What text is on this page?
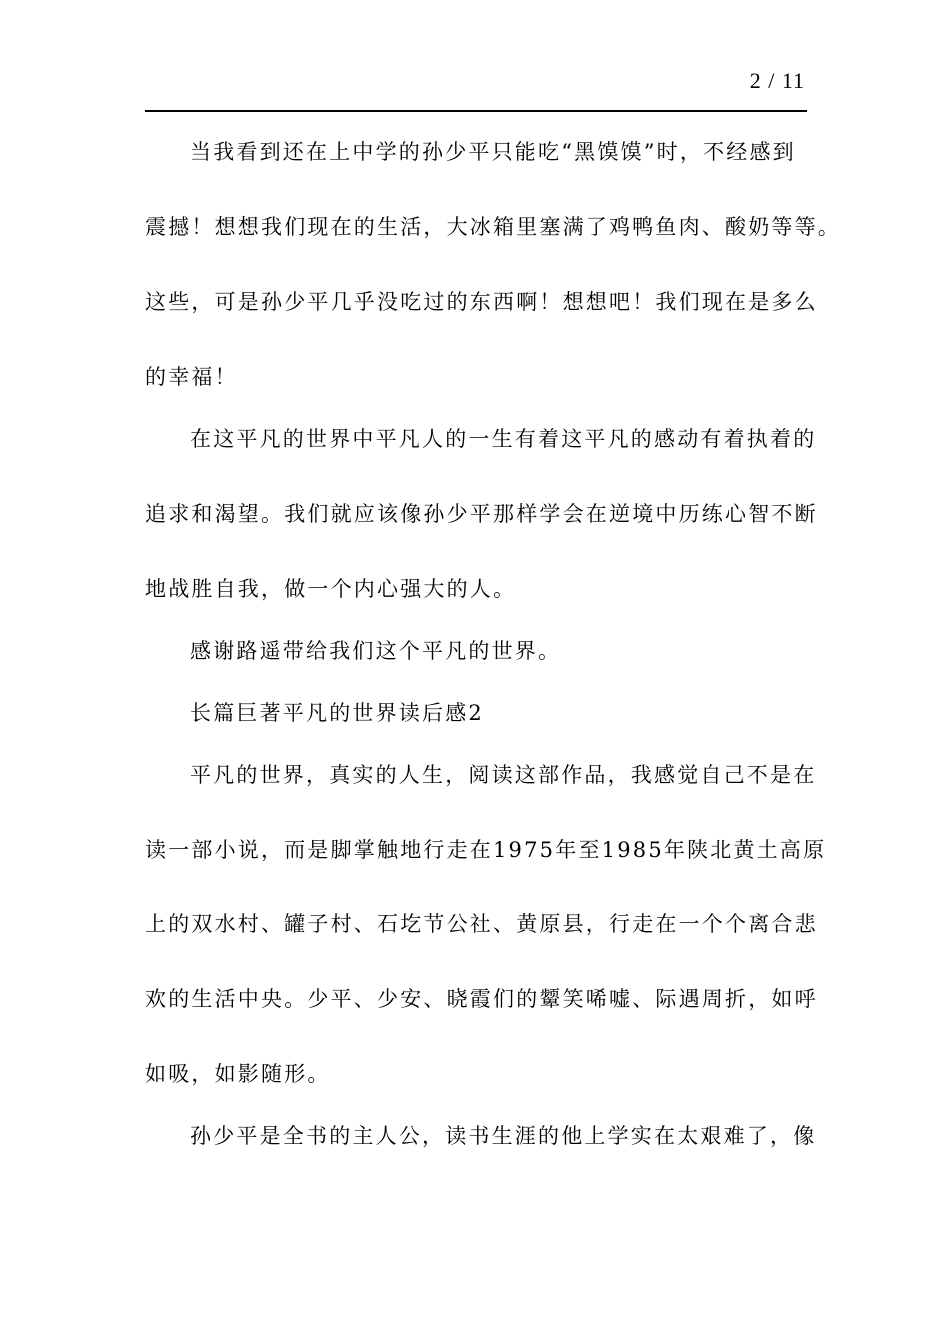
2 / 11
当我看到还在上中学的孙少平只能吃“黑馍馍”时，不经感到
震撼！想想我们现在的生活，大冰箱里塞满了鸡鸭鱼肉、酸奶等等。
这些，可是孙少平几乎没吃过的东西啊！想想吧！我们现在是多么
的幸福！
在这平凡的世界中平凡人的一生有着这平凡的感动有着执着的
追求和渴望。我们就应该像孙少平那样学会在逆境中历练心智不断
地战胜自我，做一个内心强大的人。
感谢路遥带给我们这个平凡的世界。
长篇巨著平凡的世界读后感2
平凡的世界，真实的人生，阅读这部作品，我感觉自己不是在
读一部小说，而是脚掌触地行走在1975年至1985年陕北黄土高原
上的双水村、罐子村、石圪节公社、黄原县，行走在一个个离合悲
欢的生活中央。少平、少安、晓霞们的颦笑唏嘘、际遇周折，如呼
如吸，如影随形。
孙少平是全书的主人公，读书生涯的他上学实在太艰难了，像
